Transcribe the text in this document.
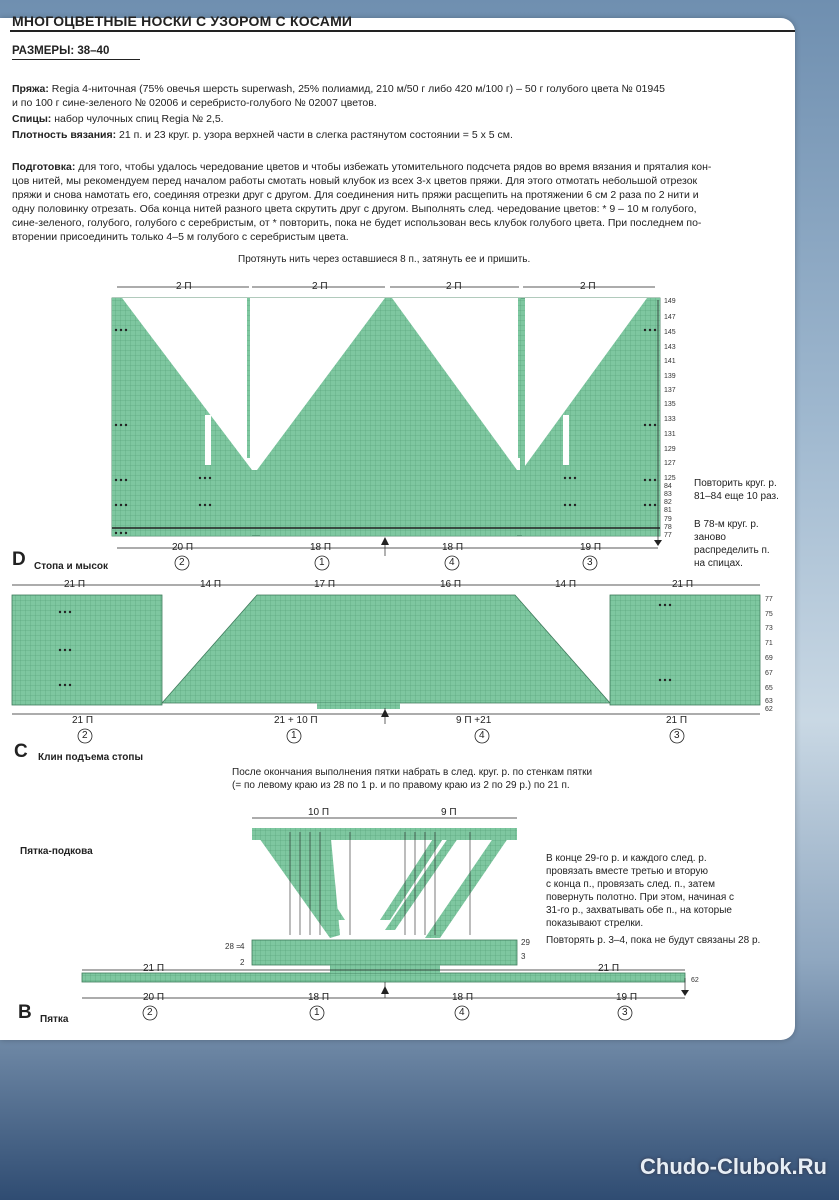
МНОГОЦВЕТНЫЕ НОСКИ С УЗОРОМ С КОСАМИ
РАЗМЕРЫ: 38–40
Пряжа: Regia 4-ниточная (75% овечья шерсть superwash, 25% полиамид, 210 м/50 г либо 420 м/100 г) – 50 г голубого цвета № 01945
и по 100 г сине-зеленого № 02006 и серебристо-голубого № 02007 цветов.
Спицы: набор чулочных спиц Regia № 2,5.
Плотность вязания: 21 п. и 23 круг. р. узора верхней части в слегка растянутом состоянии = 5 х 5 см.
Подготовка: для того, чтобы удалось чередование цветов и чтобы избежать утомительного подсчета рядов во время вязания и пряталия кон-
цов нитей, мы рекомендуем перед началом работы смотать новый клубок из всех 3-х цветов пряжи. Для этого отмотать небольшой отрезок
пряжи и снова намотать его, соединяя отрезки друг с другом. Для соединения нить пряжи расщепить на протяжении 6 см 2 раза по 2 нити и
одну половинку отрезать. Оба конца нитей разного цвета скрутить друг с другом. Выполнять след. чередование цветов: * 9 – 10 м голубого,
сине-зеленого, голубого, голубого с серебристым, от * повторить, пока не будет использован весь клубок голубого цвета. При последнем по-
вторении присоединить только 4–5 м голубого с серебристым цвета.
Протянуть нить через оставшиеся 8 п., затянуть ее и пришить.
2 П	2 П	2 П	2 П
20 П	18 П	18 П	19 П
2	1	4	3
149
147
145
143
141
139
137
135
133
131
129
127
125
84
83
82
81
79
78
77
Повторить круг. р. 81–84 еще 10 раз.
В 78-м круг. р. заново распределить п. на спицах.
D Стопа и мысок
21 П	14 П	17 П	16 П	14 П	21 П
21 П	21 + 10 П	9 П +21	21 П
2	1	4	3
77
75
73
71
69
67
65
63
62
C Клин подъема стопы
После окончания выполнения пятки набрать в след. круг. р. по стенкам пятки
(= по левому краю из 28 по 1 р. и по правому краю из 2 по 29 р.) по 21 п.
Пятка-подкова
10 П	9 П
28 = 4
2
29
3
21 П	21 П
62
20 П	18 П	18 П	19 П
2	1	4	3
В конце 29-го р. и каждого след. р.
провязать вместе третью и вторую
с конца п., провязать след. п., затем
повернуть полотно. При этом, начиная с
31-го р., захватывать обе п., на которые
показывают стрелки.
Повторять р. 3–4, пока не будут связаны 28 р.
B Пятка
Chudo-Clubok.Ru
